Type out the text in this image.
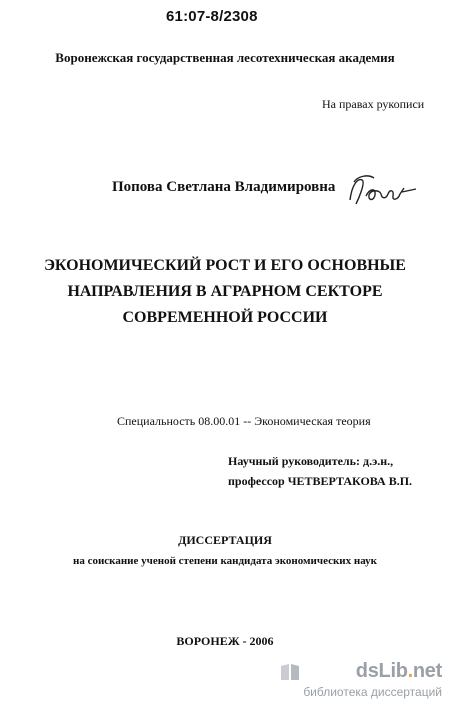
61:07-8/2308
Воронежская государственная лесотехническая академия
На правах рукописи
Попова Светлана Владимировна
ЭКОНОМИЧЕСКИЙ РОСТ И ЕГО ОСНОВНЫЕ
НАПРАВЛЕНИЯ В АГРАРНОМ СЕКТОРЕ
СОВРЕМЕННОЙ РОССИИ
Специальность 08.00.01 -- Экономическая теория
Научный руководитель: д.э.н.,
профессор ЧЕТВЕРТАКОВА В.П.
ДИССЕРТАЦИЯ
на соискание ученой степени кандидата экономических наук
ВОРОНЕЖ - 2006
dsLib.net
библиотека диссертаций
